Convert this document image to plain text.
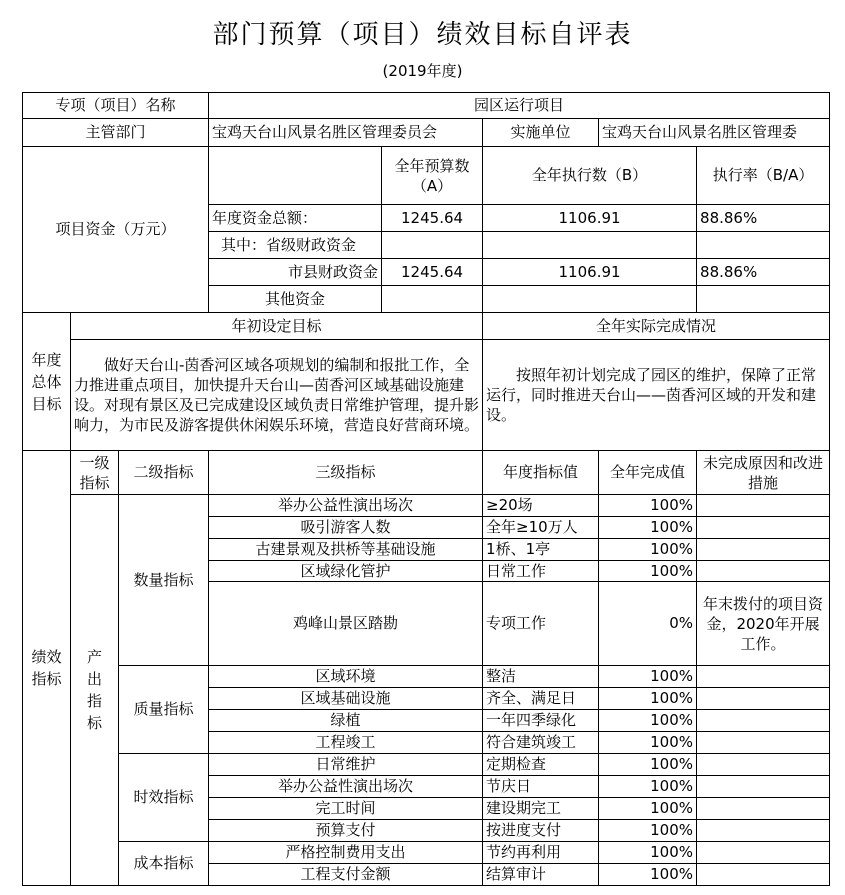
部门预算（项目）绩效目标自评表
(2019年度)
专项（项目）名称			园区运行项目				
主管部门			宝鸡天台山风景名胜区管理委员会		实施单位	宝鸡天台山风景名胜区管理委	
项目资金（万元）				全年预算数（A）	全年执行数（B）		执行率（B/A）
			年度资金总额：	1245.64	1106.91		88.86%
			其中：省级财政资金				
			市县财政资金	1245.64	1106.91		88.86%
			其他资金				
年度总体目标	年初设定目标				全年实际完成情况		
	做好天台山-茵香河区域各项规划的编制和报批工作，全力推进重点项目，加快提升天台山—茵香河区域基础设施建设。对现有景区及已完成建设区域负责日常维护管理，提升影响力，为市民及游客提供休闲娱乐环境，营造良好营商环境。				按照年初计划完成了园区的维护，保障了正常运行，同时推进天台山——茵香河区域的开发和建设。		
绩效指标	一级指标	二级指标	三级指标		年度指标值	全年完成值	未完成原因和改进措施
	产出指标	数量指标	举办公益性演出场次		≥20场	100%	
			吸引游客人数		全年≥10万人	100%	
			古建景观及拱桥等基础设施		1桥、1亭	100%	
			区域绿化管护		日常工作	100%	
			鸡峰山景区踏勘		专项工作	0%	年末拨付的项目资金，2020年开展工作。
		质量指标	区域环境		整洁	100%	
			区域基础设施		齐全、满足日	100%	
			绿植		一年四季绿化	100%	
			工程竣工		符合建筑竣工	100%	
		时效指标	日常维护		定期检查	100%	
			举办公益性演出场次		节庆日	100%	
			完工时间		建设期完工	100%	
			预算支付		按进度支付	100%	
		成本指标	严格控制费用支出		节约再利用	100%	
			工程支付金额		结算审计	100%	
